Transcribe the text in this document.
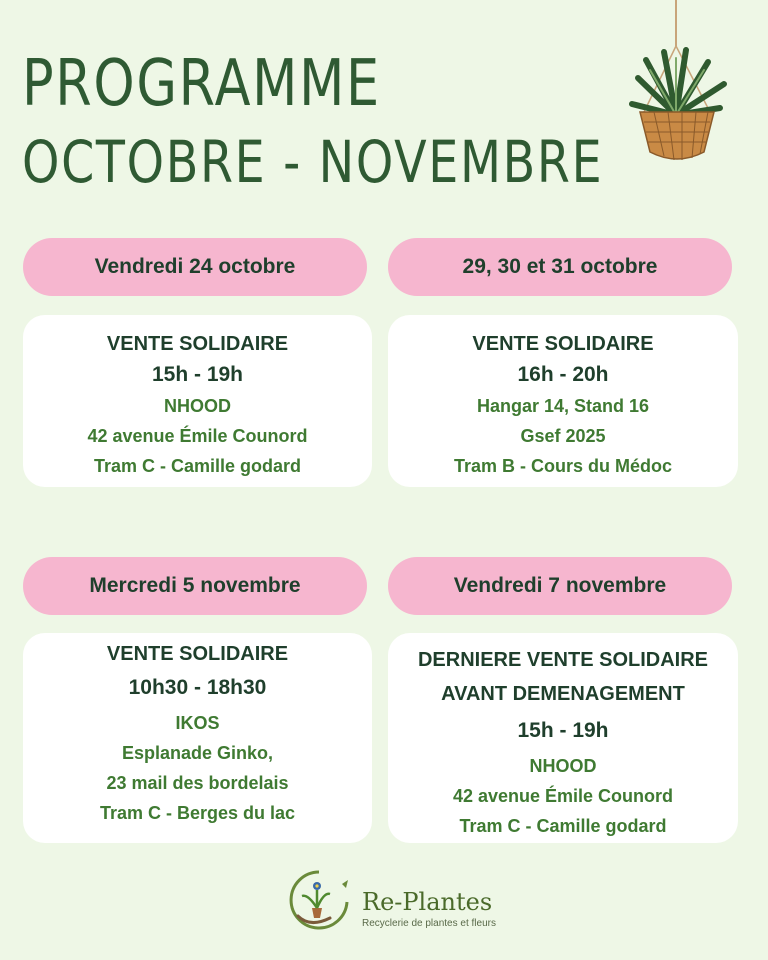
PROGRAMME
OCTOBRE - NOVEMBRE
Vendredi 24 octobre
VENTE SOLIDAIRE
15h - 19h
NHOOD
42 avenue Émile Counord
Tram C - Camille godard
29, 30 et 31 octobre
VENTE SOLIDAIRE
16h - 20h
Hangar 14, Stand 16
Gsef 2025
Tram B - Cours du Médoc
Mercredi 5 novembre
VENTE SOLIDAIRE
10h30 - 18h30
IKOS
Esplanade Ginko,
23 mail des bordelais
Tram C - Berges du lac
Vendredi 7 novembre
DERNIERE VENTE SOLIDAIRE
AVANT DEMENAGEMENT
15h - 19h
NHOOD
42 avenue Émile Counord
Tram C - Camille godard
Re-Plantes
Recyclerie de plantes et fleurs
